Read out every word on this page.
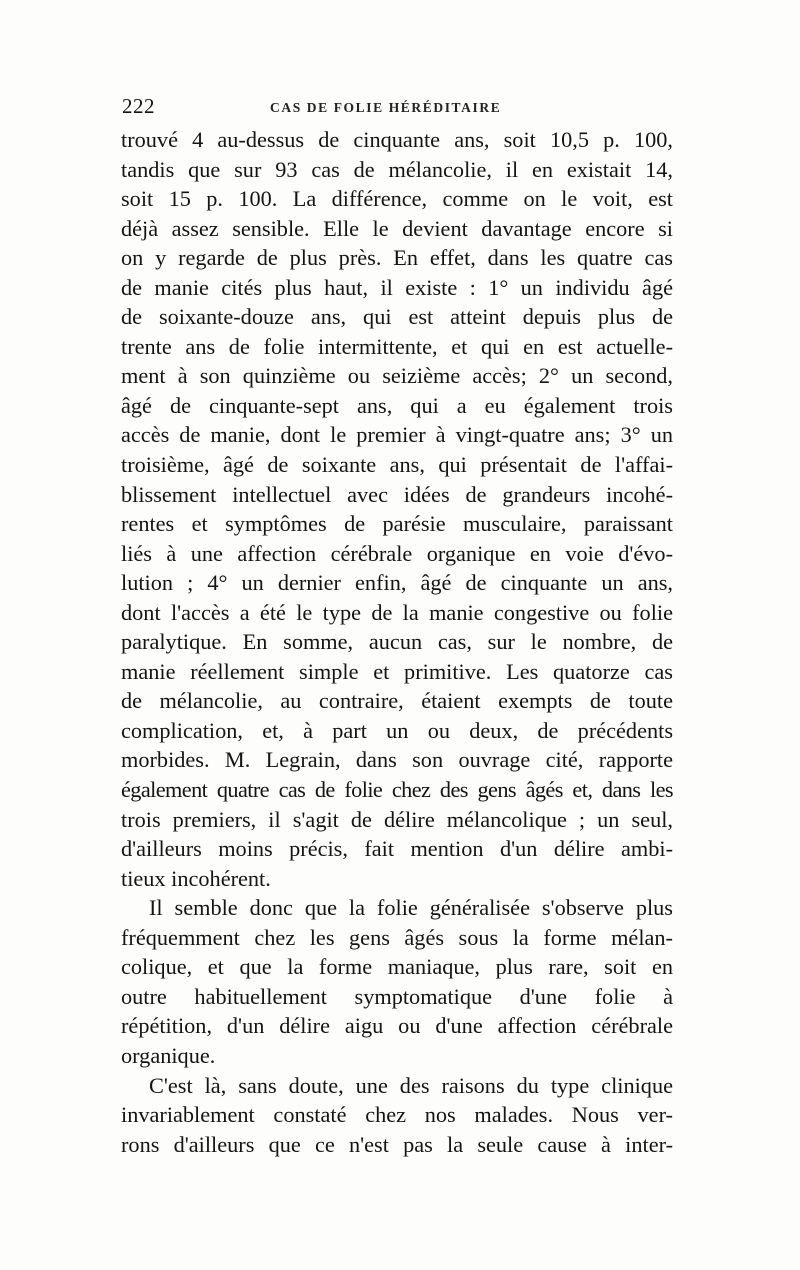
222	CAS DE FOLIE HÉRÉDITAIRE
trouvé 4 au-dessus de cinquante ans, soit 10,5 p. 100,
tandis que sur 93 cas de mélancolie, il en existait 14,
soit 15 p. 100. La différence, comme on le voit, est
déjà assez sensible. Elle le devient davantage encore si
on y regarde de plus près. En effet, dans les quatre cas
de manie cités plus haut, il existe : 1° un individu âgé
de soixante-douze ans, qui est atteint depuis plus de
trente ans de folie intermittente, et qui en est actuelle-
ment à son quinzième ou seizième accès; 2° un second,
âgé de cinquante-sept ans, qui a eu également trois
accès de manie, dont le premier à vingt-quatre ans; 3° un
troisième, âgé de soixante ans, qui présentait de l'affai-
blissement intellectuel avec idées de grandeurs incohé-
rentes et symptômes de parésie musculaire, paraissant
liés à une affection cérébrale organique en voie d'évo-
lution ; 4° un dernier enfin, âgé de cinquante un ans,
dont l'accès a été le type de la manie congestive ou folie
paralytique. En somme, aucun cas, sur le nombre, de
manie réellement simple et primitive. Les quatorze cas
de mélancolie, au contraire, étaient exempts de toute
complication, et, à part un ou deux, de précédents
morbides. M. Legrain, dans son ouvrage cité, rapporte
également quatre cas de folie chez des gens âgés et, dans les
trois premiers, il s'agit de délire mélancolique ; un seul,
d'ailleurs moins précis, fait mention d'un délire ambi-
tieux incohérent.
Il semble donc que la folie généralisée s'observe plus
fréquemment chez les gens âgés sous la forme mélan-
colique, et que la forme maniaque, plus rare, soit en
outre habituellement symptomatique d'une folie à
répétition, d'un délire aigu ou d'une affection cérébrale
organique.
C'est là, sans doute, une des raisons du type clinique
invariablement constaté chez nos malades. Nous ver-
rons d'ailleurs que ce n'est pas la seule cause à inter-
